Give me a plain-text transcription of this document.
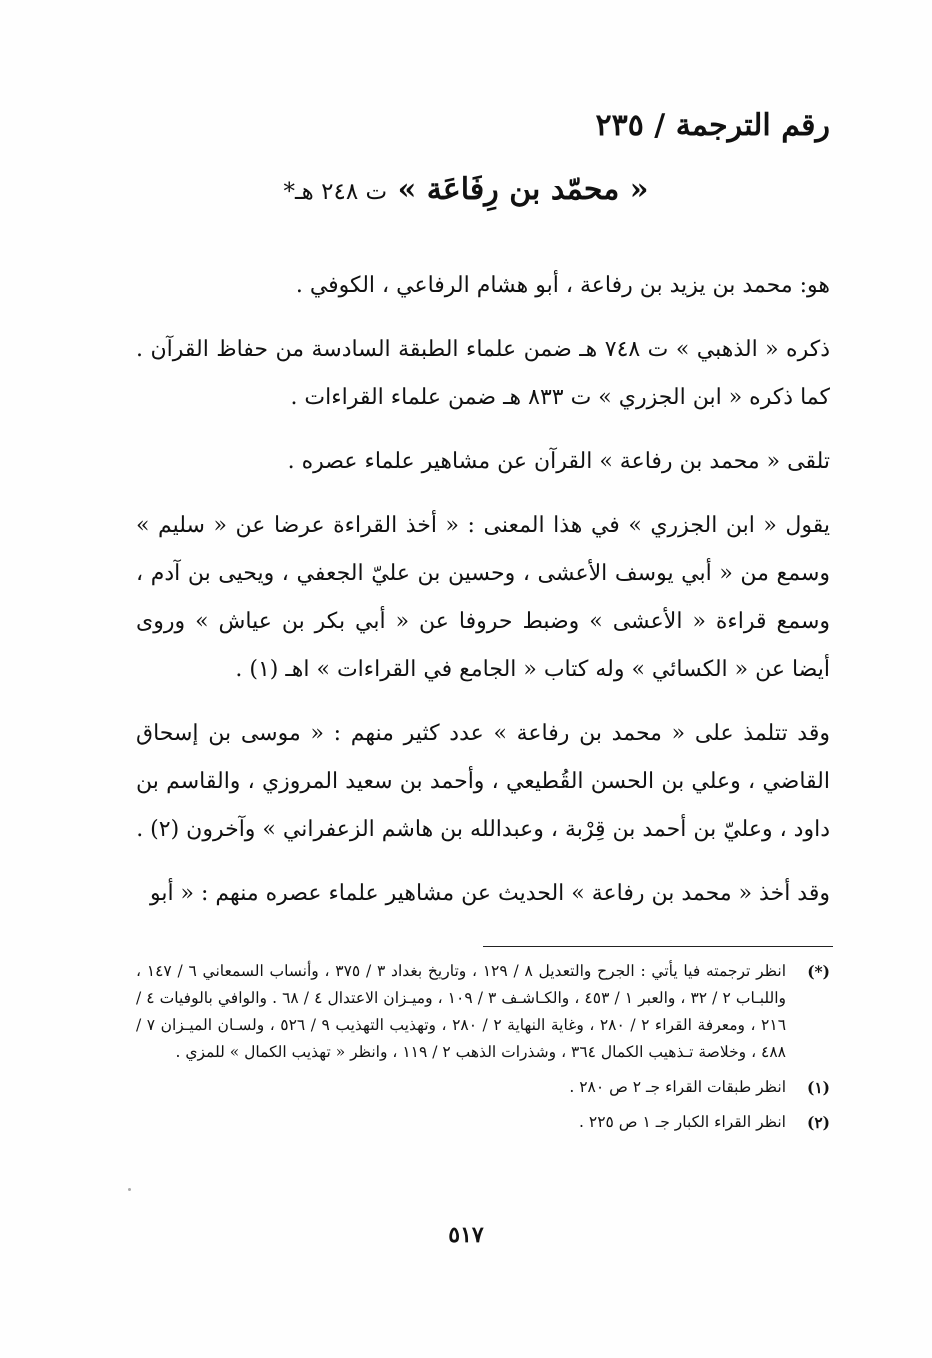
رقم الترجمة / ٢٣٥
« محمّد بن رِفَاعَة » ت ٢٤٨ هـ*

هو: محمد بن يزيد بن رفاعة ، أبو هشام الرفاعي ، الكوفي .

ذكره « الذهبي » ت ٧٤٨ هـ ضمن علماء الطبقة السادسة من حفاظ القرآن . كما ذكره « ابن الجزري » ت ٨٣٣ هـ ضمن علماء القراءات .

تلقى « محمد بن رفاعة » القرآن عن مشاهير علماء عصره .

يقول « ابن الجزري » في هذا المعنى : « أخذ القراءة عرضا عن « سليم » وسمع من « أبي يوسف الأعشى ، وحسين بن عليّ الجعفي ، ويحيى بن آدم ، وسمع قراءة « الأعشى » وضبط حروفا عن « أبي بكر بن عياش » وروى أيضا عن « الكسائي » وله كتاب « الجامع في القراءات » اهـ (١) .

وقد تتلمذ على « محمد بن رفاعة » عدد كثير منهم : « موسى بن إسحاق القاضي ، وعلي بن الحسن القُطيعي ، وأحمد بن سعيد المروزي ، والقاسم بن داود ، وعليّ بن أحمد بن قِرْبة ، وعبدالله بن هاشم الزعفراني » وآخرون (٢) .

وقد أخذ « محمد بن رفاعة » الحديث عن مشاهير علماء عصره منهم : « أبو

(*)
انظر ترجمته فيا يأتي : الجرح والتعديل ٨ / ١٢٩ ، وتاريخ بغداد ٣ / ٣٧٥ ، وأنساب السمعاني ٦ / ١٤٧ ، واللبـاب ٢ / ٣٢ ، والعبر ١ / ٤٥٣ ، والكـاشـف ٣ / ١٠٩ ، وميـزان الاعتدال ٤ / ٦٨ . والوافي بالوفيات ٤ / ٢١٦ ، ومعرفة القراء ٢ / ٢٨٠ ، وغاية النهاية ٢ / ٢٨٠ ، وتهذيب التهذيب ٩ / ٥٢٦ ، ولسـان الميـزان ٧ / ٤٨٨ ، وخلاصة تـذهيب الكمال ٣٦٤ ، وشذرات الذهب ٢ / ١١٩ ، وانظر « تهذيب الكمال » للمزي .
(١)
انظر طبقات القراء جـ ٢ ص ٢٨٠ .
(٢)
انظر القراء الكبار جـ ١ ص ٢٢٥ .
٥١٧
